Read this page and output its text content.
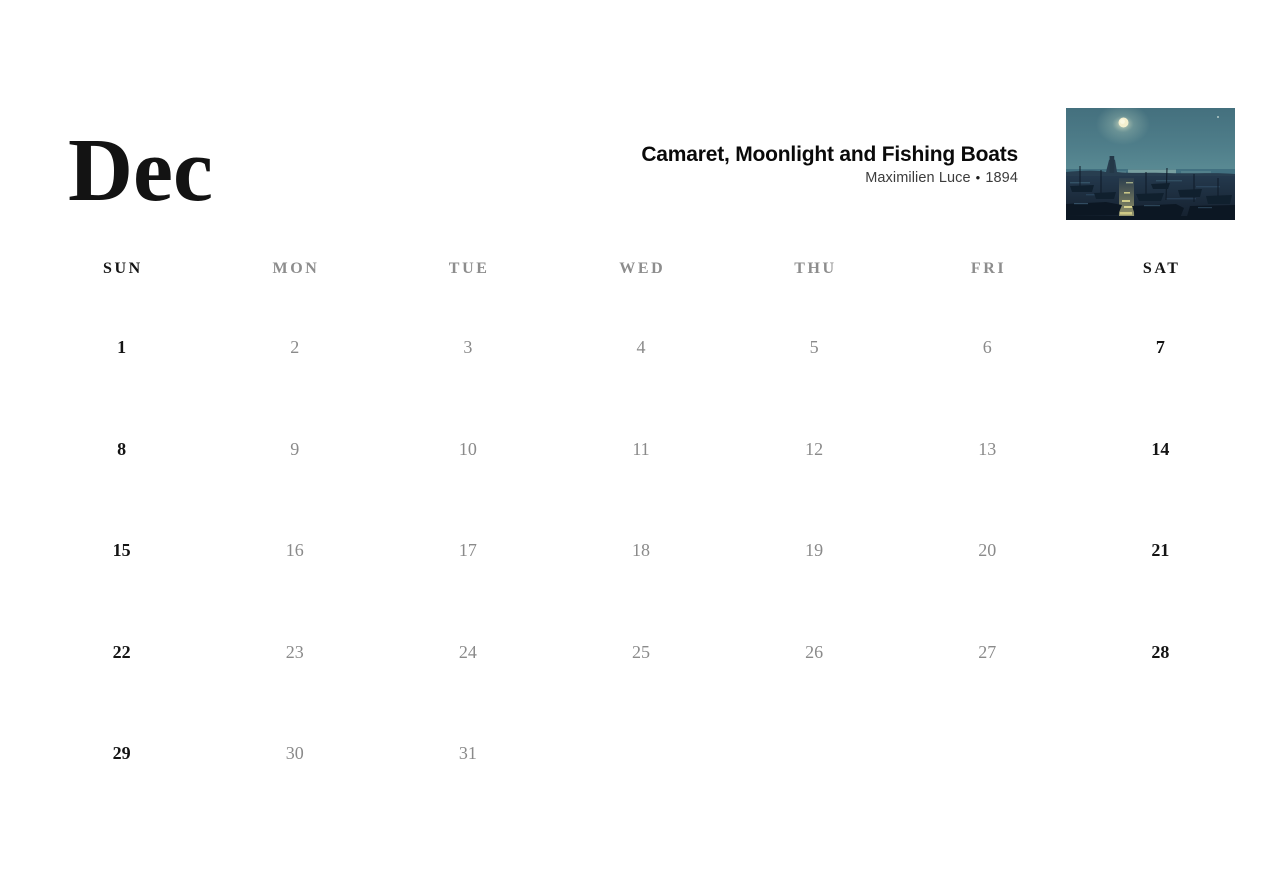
Dec	Camaret, Moonlight and Fishing Boats
Maximilien Luce • 1894
SUN	MON	TUE	WED	THU	FRI	SAT
1	2	3	4	5	6	7
8	9	10	11	12	13	14
15	16	17	18	19	20	21
22	23	24	25	26	27	28
29	30	31
